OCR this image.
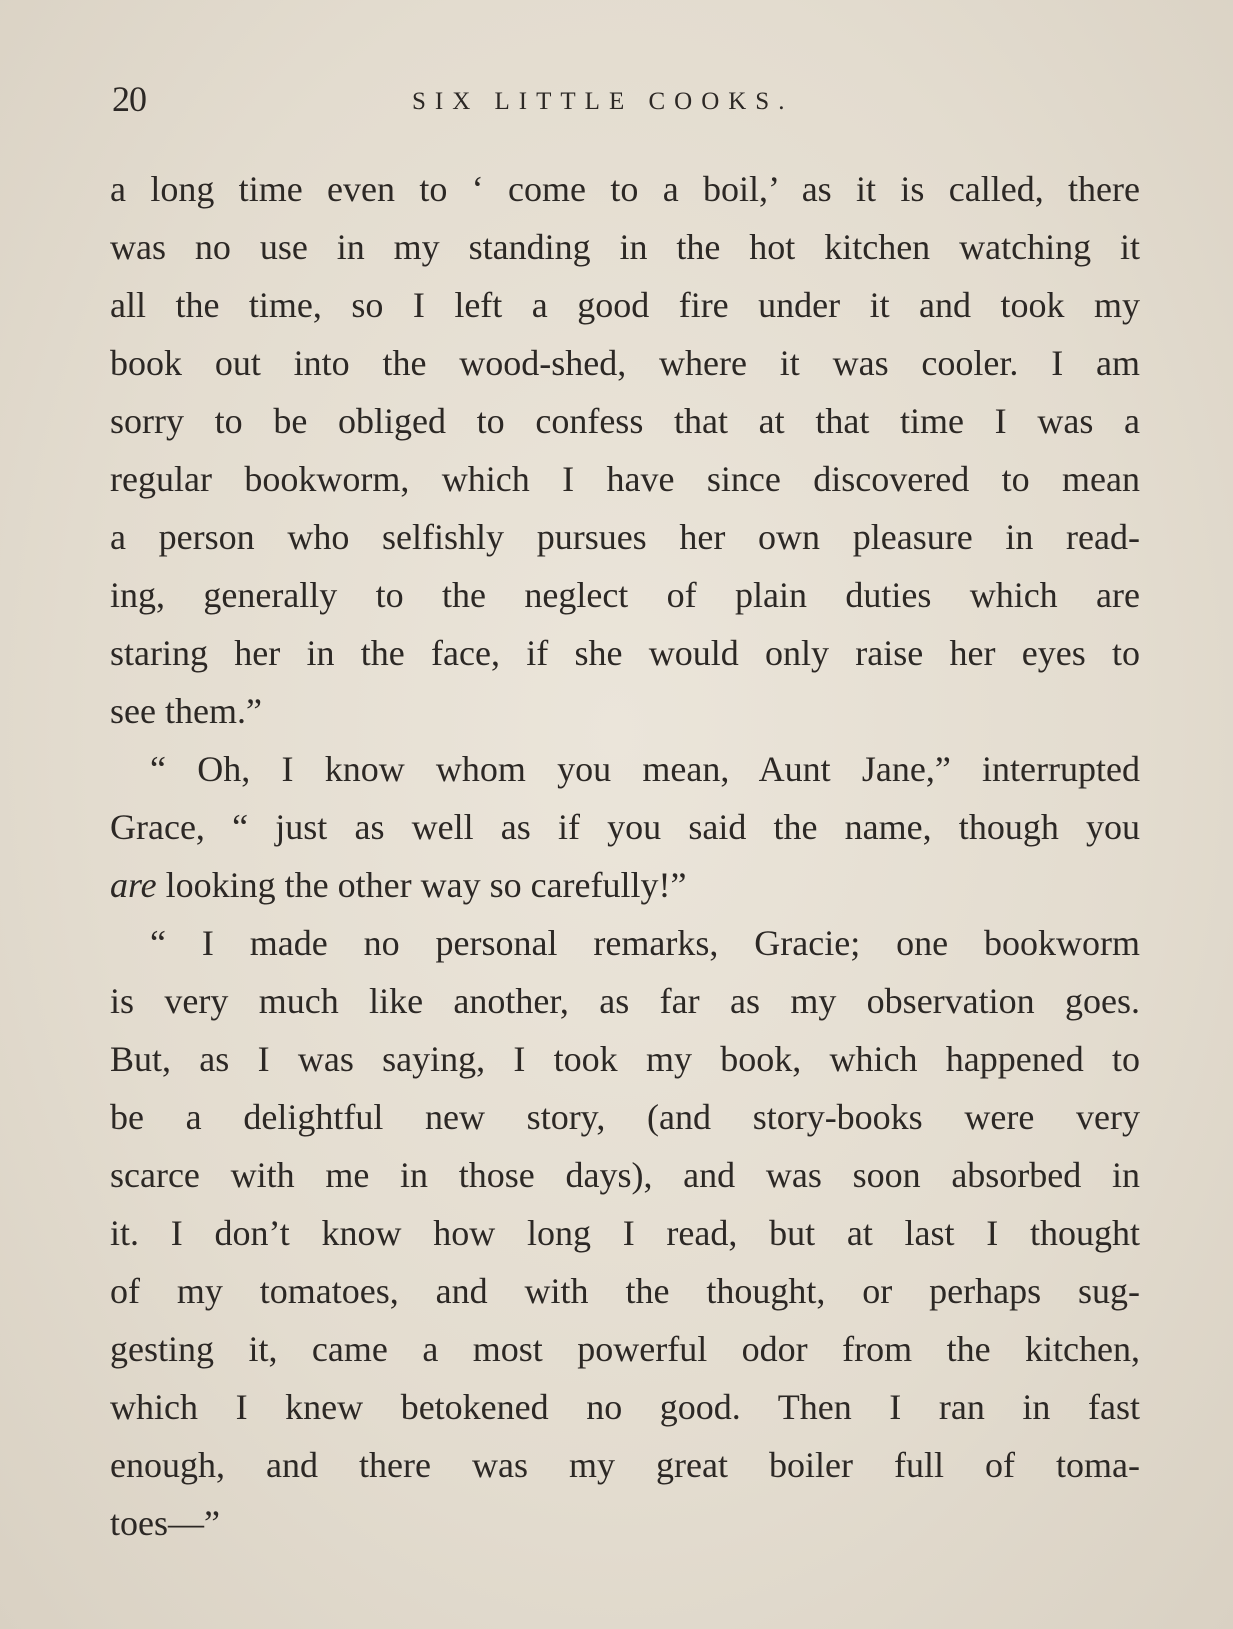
20	SIX LITTLE COOKS.
a long time even to ‘ come to a boil,’ as it is called, there
was no use in my standing in the hot kitchen watching it
all the time, so I left a good fire under it and took my
book out into the wood-shed, where it was cooler. I am
sorry to be obliged to confess that at that time I was a
regular bookworm, which I have since discovered to mean
a person who selfishly pursues her own pleasure in read-
ing, generally to the neglect of plain duties which are
staring her in the face, if she would only raise her eyes to
see them.”
“ Oh, I know whom you mean, Aunt Jane,” interrupted
Grace, “ just as well as if you said the name, though you
are looking the other way so carefully!”
“ I made no personal remarks, Gracie; one bookworm
is very much like another, as far as my observation goes.
But, as I was saying, I took my book, which happened to
be a delightful new story, (and story-books were very
scarce with me in those days), and was soon absorbed in
it. I don’t know how long I read, but at last I thought
of my tomatoes, and with the thought, or perhaps sug-
gesting it, came a most powerful odor from the kitchen,
which I knew betokened no good. Then I ran in fast
enough, and there was my great boiler full of toma-
toes—”
